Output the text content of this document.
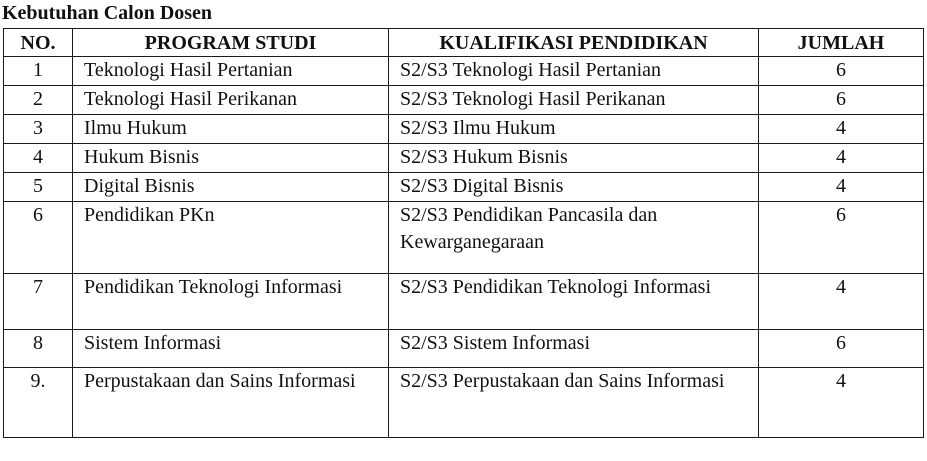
Kebutuhan Calon Dosen
NO.	PROGRAM STUDI	KUALIFIKASI PENDIDIKAN	JUMLAH
1	Teknologi Hasil Pertanian	S2/S3 Teknologi Hasil Pertanian	6
2	Teknologi Hasil Perikanan	S2/S3 Teknologi Hasil Perikanan	6
3	Ilmu Hukum	S2/S3 Ilmu Hukum	4
4	Hukum Bisnis	S2/S3 Hukum Bisnis	4
5	Digital Bisnis	S2/S3 Digital Bisnis	4
6	Pendidikan PKn	S2/S3 Pendidikan Pancasila dan Kewarganegaraan	6
7	Pendidikan Teknologi Informasi	S2/S3 Pendidikan Teknologi Informasi	4
8	Sistem Informasi	S2/S3 Sistem Informasi	6
9.	Perpustakaan dan Sains Informasi	S2/S3 Perpustakaan dan Sains Informasi	4
